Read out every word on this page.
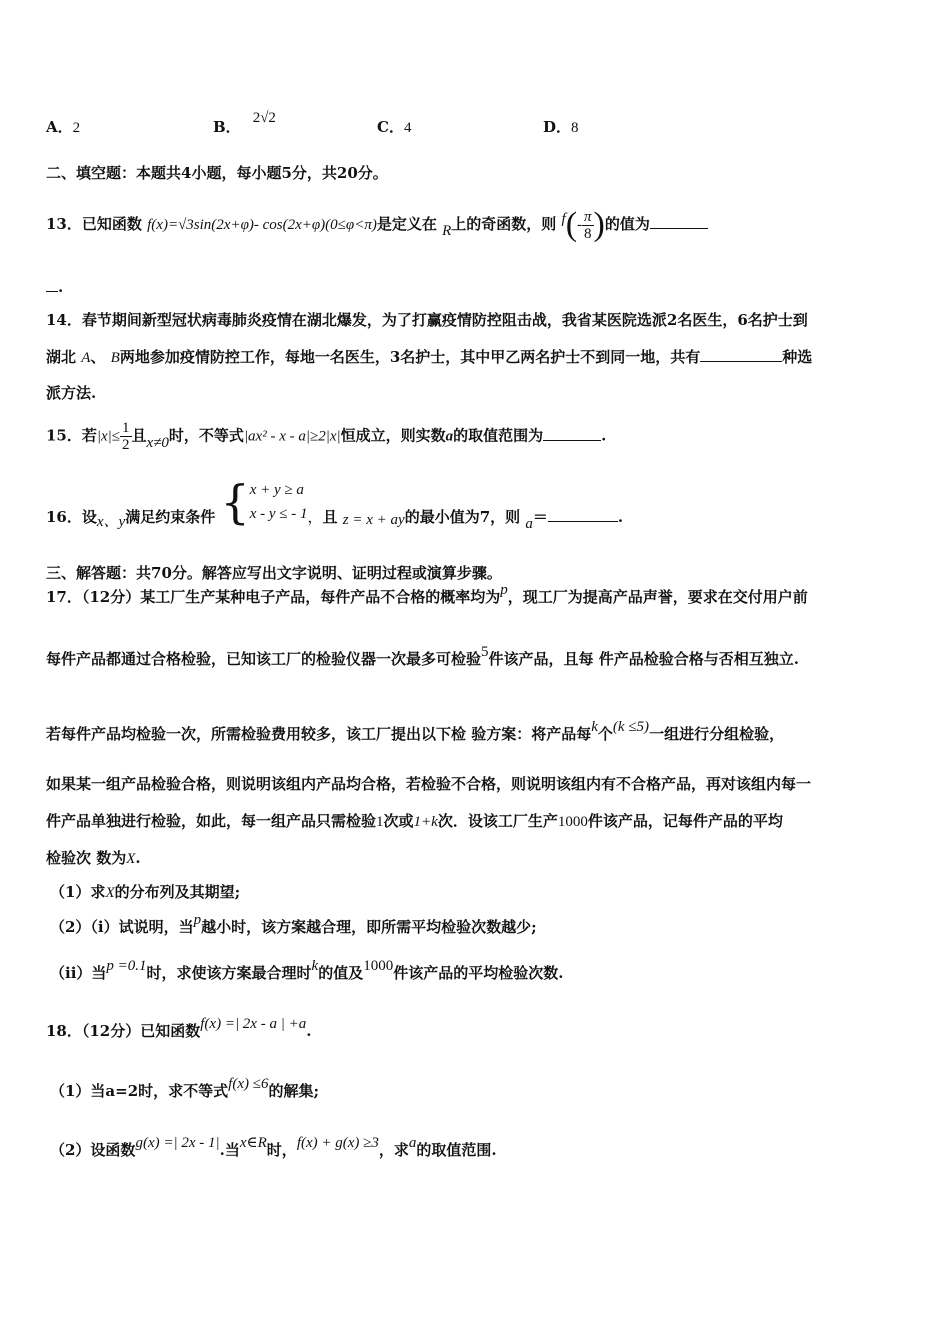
A．2	B． 2√2	C．4	D．8
二、填空题：本题共4小题，每小题5分，共20分。
13．已知函数 f(x)=√3sin(2x+φ)- cos(2x+φ)(0≤φ<π)是定义在 R上的奇函数，则 $f(- \frac{\pi}{8}$ )的值为
.
14．春节期间新型冠状病毒肺炎疫情在湖北爆发，为了打赢疫情防控阻击战，我省某医院选派2名医生，6名护士到
湖北 A、 B两地参加疫情防控工作，每地一名医生，3名护士，其中甲乙两名护士不到同一地，共有	种选
派方法.
15．若$|x|\le \frac{1}{2}$ 且x≠0时，不等式|ax² - x - a|≥2|x|恒成立，则实数a的取值范围为	.
16．设x、y满足约束条件 { x + y ≥ a
x - y ≤ - 1 ，且 z = x + ay的最小值为7，则 a＝	.
三、解答题：共70分。解答应写出文字说明、证明过程或演算步骤。
17．（12分）某工厂生产某种电子产品，每件产品不合格的概率均为p，现工厂为提高产品声誉，要求在交付用户前
每件产品都通过合格检验，已知该工厂的检验仪器一次最多可检验5件该产品，且每 件产品检验合格与否相互独立.
若每件产品均检验一次，所需检验费用较多，该工厂提出以下检 验方案：将产品每k个(k ≤5)一组进行分组检验，
如果某一组产品检验合格，则说明该组内产品均合格，若检验不合格，则说明该组内有不合格产品，再对该组内每一
件产品单独进行检验，如此，每一组产品只需检验1次或1+k次．设该工厂生产1000件该产品，记每件产品的平均
检验次 数为X.
（1）求X的分布列及其期望;
（2）（i）试说明，当p越小时，该方案越合理，即所需平均检验次数越少;
（ii）当p =0.1时，求使该方案最合理时k的值及1000件该产品的平均检验次数.
18．（12分）已知函数f(x) =| 2x - a | +a.
（1）当a=2时，求不等式f(x) ≤6的解集;
（2）设函数g(x) =| 2x - 1|.当x∈R时，f(x) + g(x) ≥3，求a的取值范围.
